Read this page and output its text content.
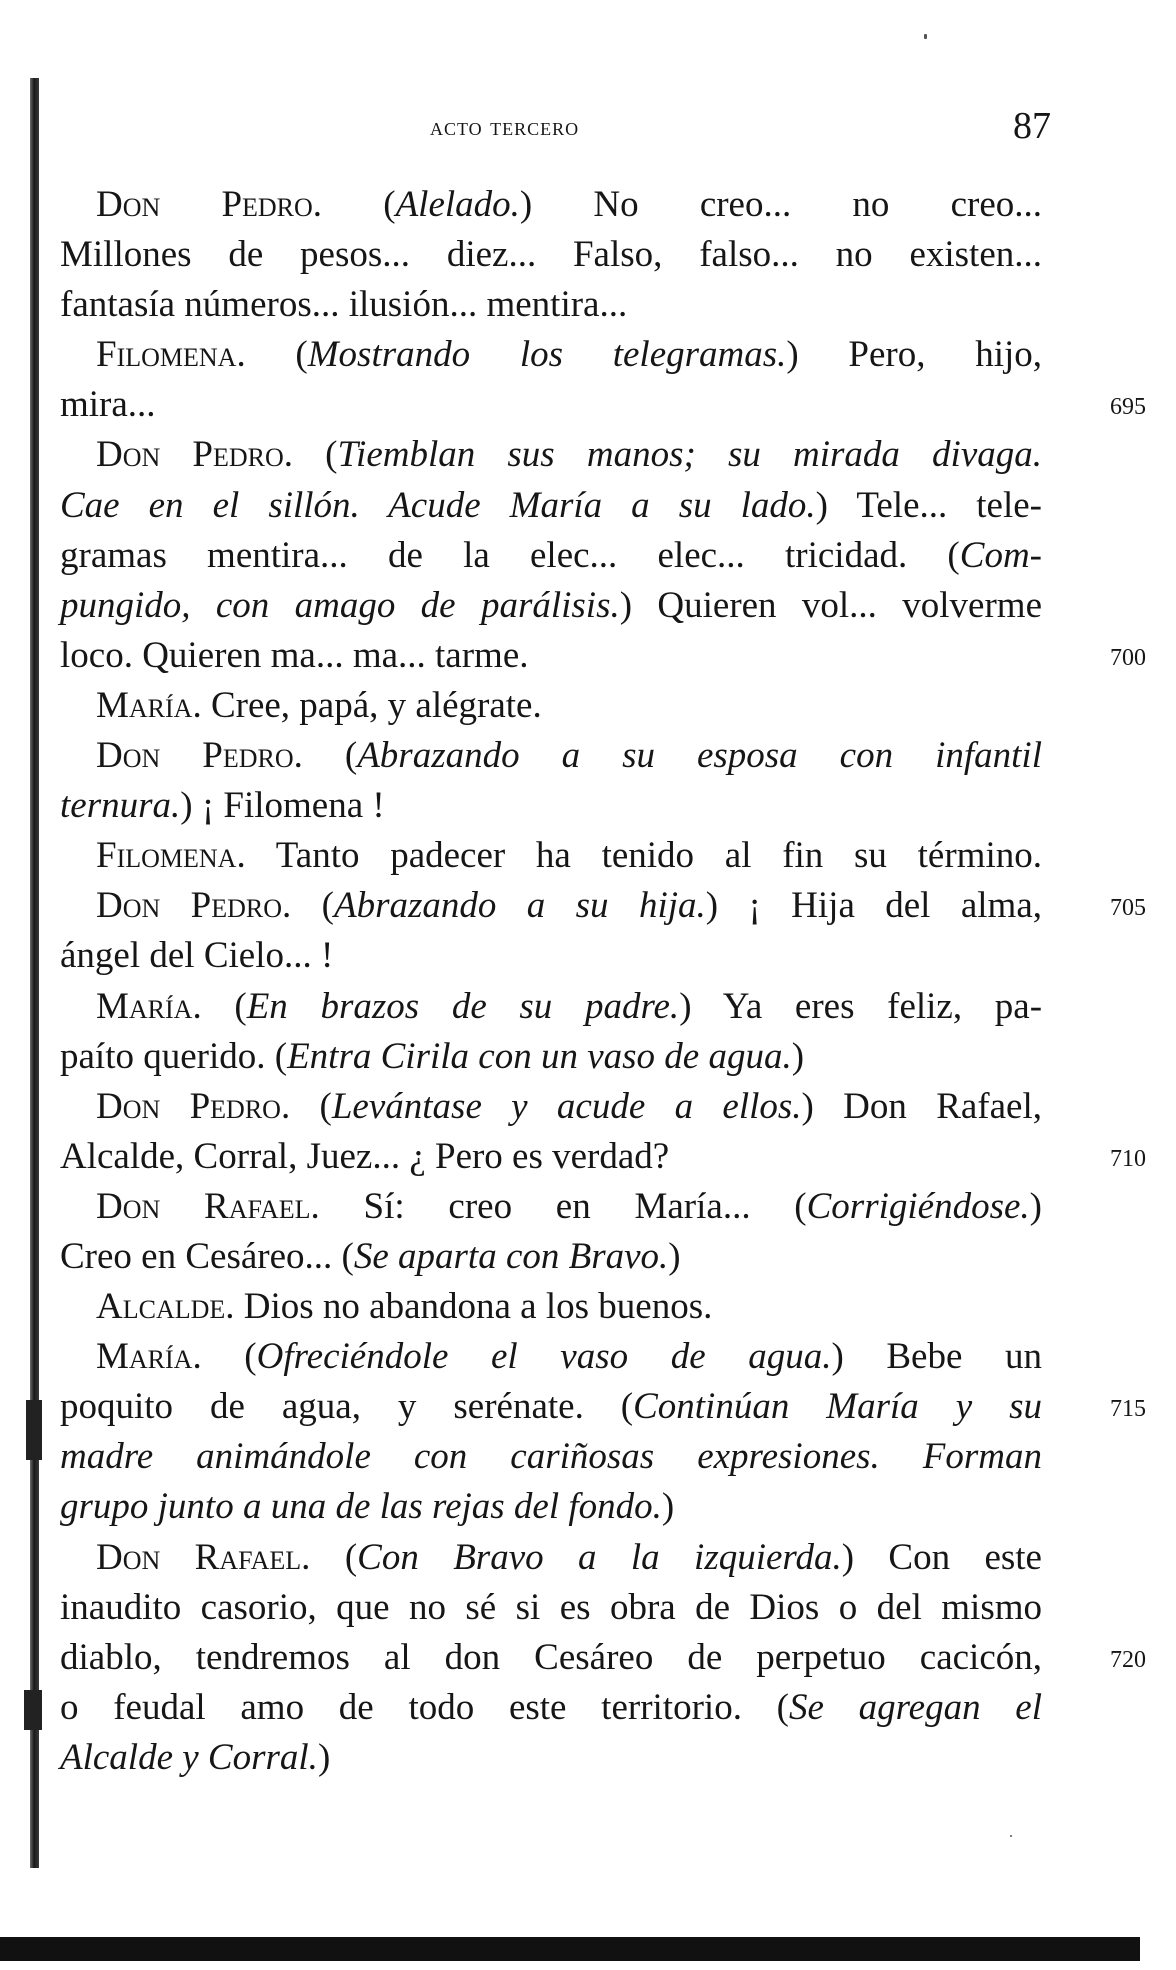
acto tercero	87
Don Pedro. (Alelado.) No creo... no creo...
Millones de pesos... diez... Falso, falso... no existen...
fantasía números... ilusión... mentira...
Filomena. (Mostrando los telegramas.) Pero, hijo,
mira...	695
Don Pedro. (Tiemblan sus manos; su mirada divaga.
Cae en el sillón. Acude María a su lado.) Tele... tele-
gramas mentira... de la elec... elec... tricidad. (Com-
pungido, con amago de parálisis.) Quieren vol... volverme
loco. Quieren ma... ma... tarme.	700
María. Cree, papá, y alégrate.
Don Pedro. (Abrazando a su esposa con infantil
ternura.) ¡ Filomena !
Filomena. Tanto padecer ha tenido al fin su término.
Don Pedro. (Abrazando a su hija.) ¡ Hija del alma,	705
ángel del Cielo... !
María. (En brazos de su padre.) Ya eres feliz, pa-
paíto querido. (Entra Cirila con un vaso de agua.)
Don Pedro. (Levántase y acude a ellos.) Don Rafael,
Alcalde, Corral, Juez... ¿ Pero es verdad?	710
Don Rafael. Sí: creo en María... (Corrigiéndose.)
Creo en Cesáreo... (Se aparta con Bravo.)
Alcalde. Dios no abandona a los buenos.
María. (Ofreciéndole el vaso de agua.) Bebe un
poquito de agua, y serénate. (Continúan María y su	715
madre animándole con cariñosas expresiones. Forman
grupo junto a una de las rejas del fondo.)
Don Rafael. (Con Bravo a la izquierda.) Con este
inaudito casorio, que no sé si es obra de Dios o del mismo
diablo, tendremos al don Cesáreo de perpetuo cacicón,	720
o feudal amo de todo este territorio. (Se agregan el
Alcalde y Corral.)
